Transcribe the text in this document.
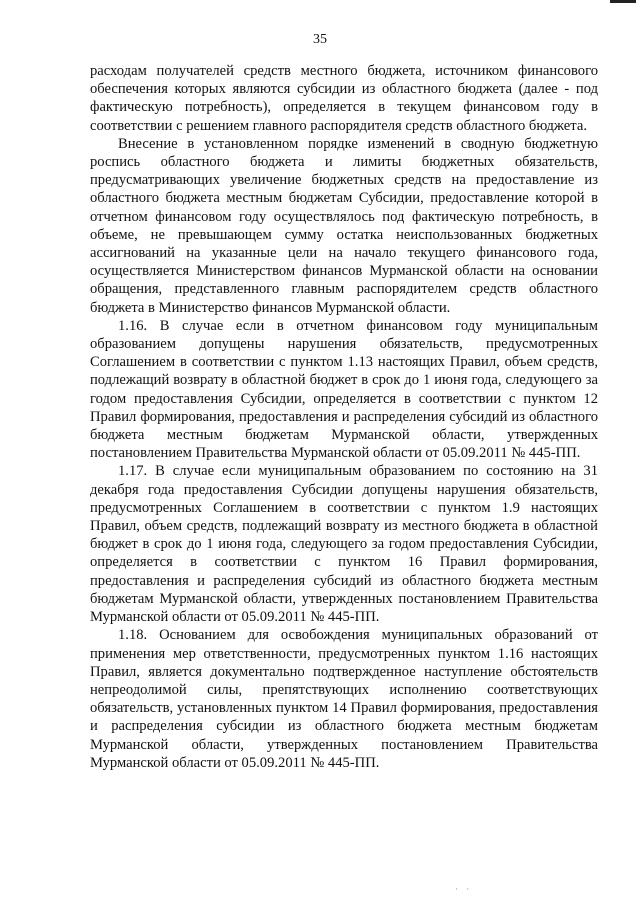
35

расходам получателей средств местного бюджета, источником финансового обеспечения которых являются субсидии из областного бюджета (далее - под фактическую потребность), определяется в текущем финансовом году в соответствии с решением главного распорядителя средств областного бюджета.

Внесение в установленном порядке изменений в сводную бюджетную роспись областного бюджета и лимиты бюджетных обязательств, предусматривающих увеличение бюджетных средств на предоставление из областного бюджета местным бюджетам Субсидии, предоставление которой в отчетном финансовом году осуществлялось под фактическую потребность, в объеме, не превышающем сумму остатка неиспользованных бюджетных ассигнований на указанные цели на начало текущего финансового года, осуществляется Министерством финансов Мурманской области на основании обращения, представленного главным распорядителем средств областного бюджета в Министерство финансов Мурманской области.

1.16. В случае если в отчетном финансовом году муниципальным образованием допущены нарушения обязательств, предусмотренных Соглашением в соответствии с пунктом 1.13 настоящих Правил, объем средств, подлежащий возврату в областной бюджет в срок до 1 июня года, следующего за годом предоставления Субсидии, определяется в соответствии с пунктом 12 Правил формирования, предоставления и распределения субсидий из областного бюджета местным бюджетам Мурманской области, утвержденных постановлением Правительства Мурманской области от 05.09.2011 № 445-ПП.

1.17. В случае если муниципальным образованием по состоянию на 31 декабря года предоставления Субсидии допущены нарушения обязательств, предусмотренных Соглашением в соответствии с пунктом 1.9 настоящих Правил, объем средств, подлежащий возврату из местного бюджета в областной бюджет в срок до 1 июня года, следующего за годом предоставления Субсидии, определяется в соответствии с пунктом 16 Правил формирования, предоставления и распределения субсидий из областного бюджета местным бюджетам Мурманской области, утвержденных постановлением Правительства Мурманской области от 05.09.2011 № 445-ПП.

1.18. Основанием для освобождения муниципальных образований от применения мер ответственности, предусмотренных пунктом 1.16 настоящих Правил, является документально подтвержденное наступление обстоятельств непреодолимой силы, препятствующих исполнению соответствующих обязательств, установленных пунктом 14 Правил формирования, предоставления и распределения субсидии из областного бюджета местным бюджетам Мурманской области, утвержденных постановлением Правительства Мурманской области от 05.09.2011 № 445-ПП.

· ·
